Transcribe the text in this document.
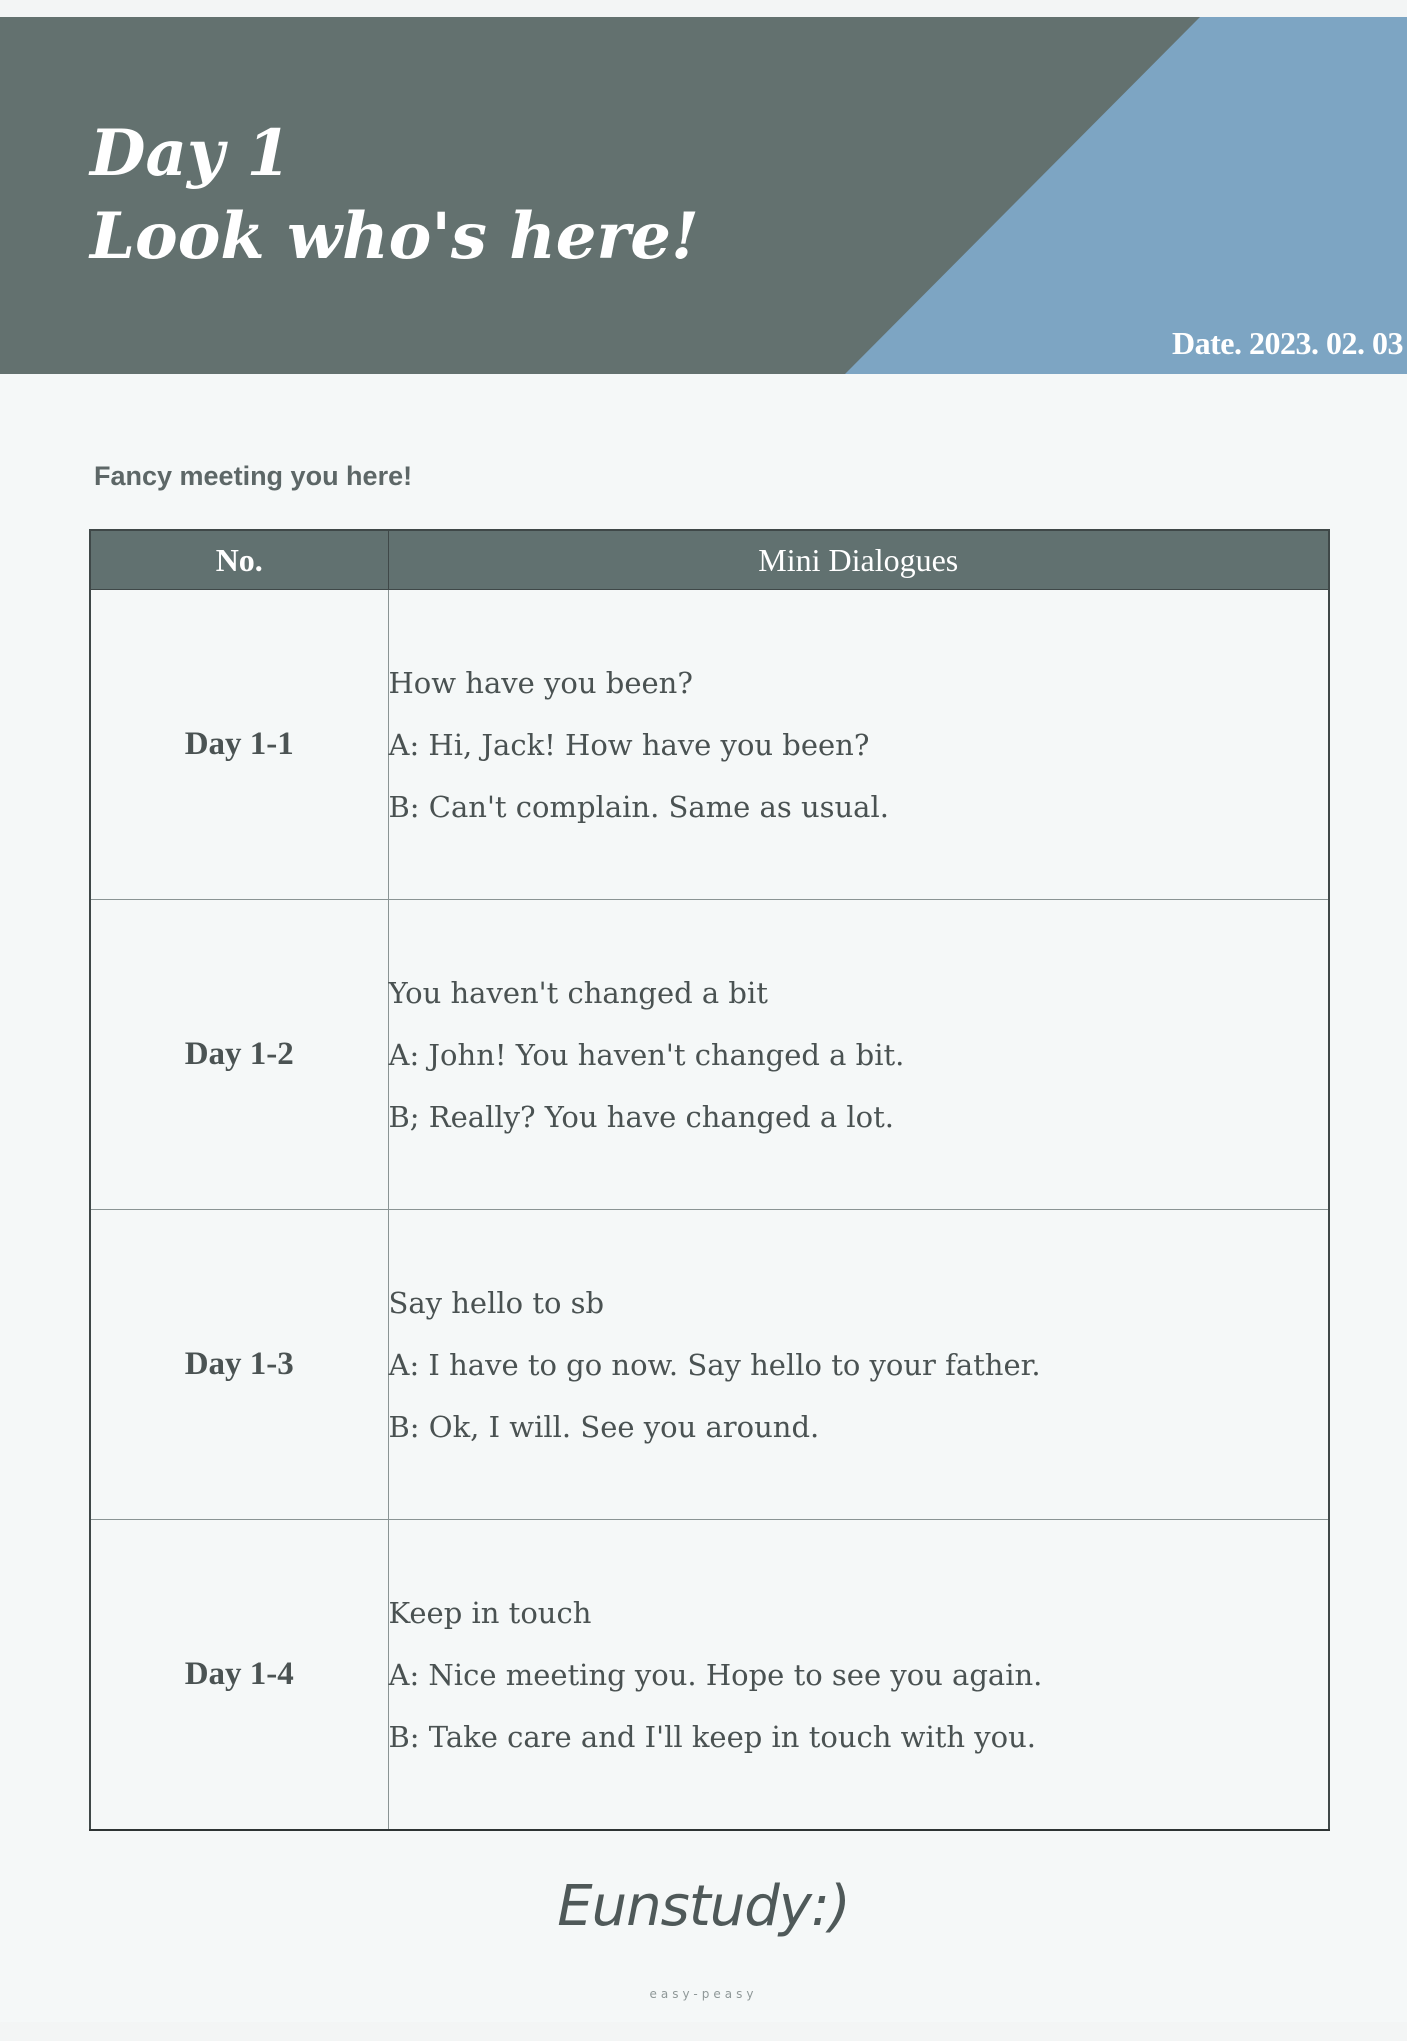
Day 1
Look who's here!
Date. 2023. 02. 03

Fancy meeting you here!

No.	Mini Dialogues

Day 1-1	How have you been?
A: Hi, Jack! How have you been?
B: Can't complain. Same as usual.

Day 1-2	You haven't changed a bit
A: John! You haven't changed a bit.
B; Really? You have changed a lot.

Day 1-3	Say hello to sb
A: I have to go now. Say hello to your father.
B: Ok, I will. See you around.

Day 1-4	Keep in touch
A: Nice meeting you. Hope to see you again.
B: Take care and I'll keep in touch with you.
Eunstudy:)
easy-peasy
